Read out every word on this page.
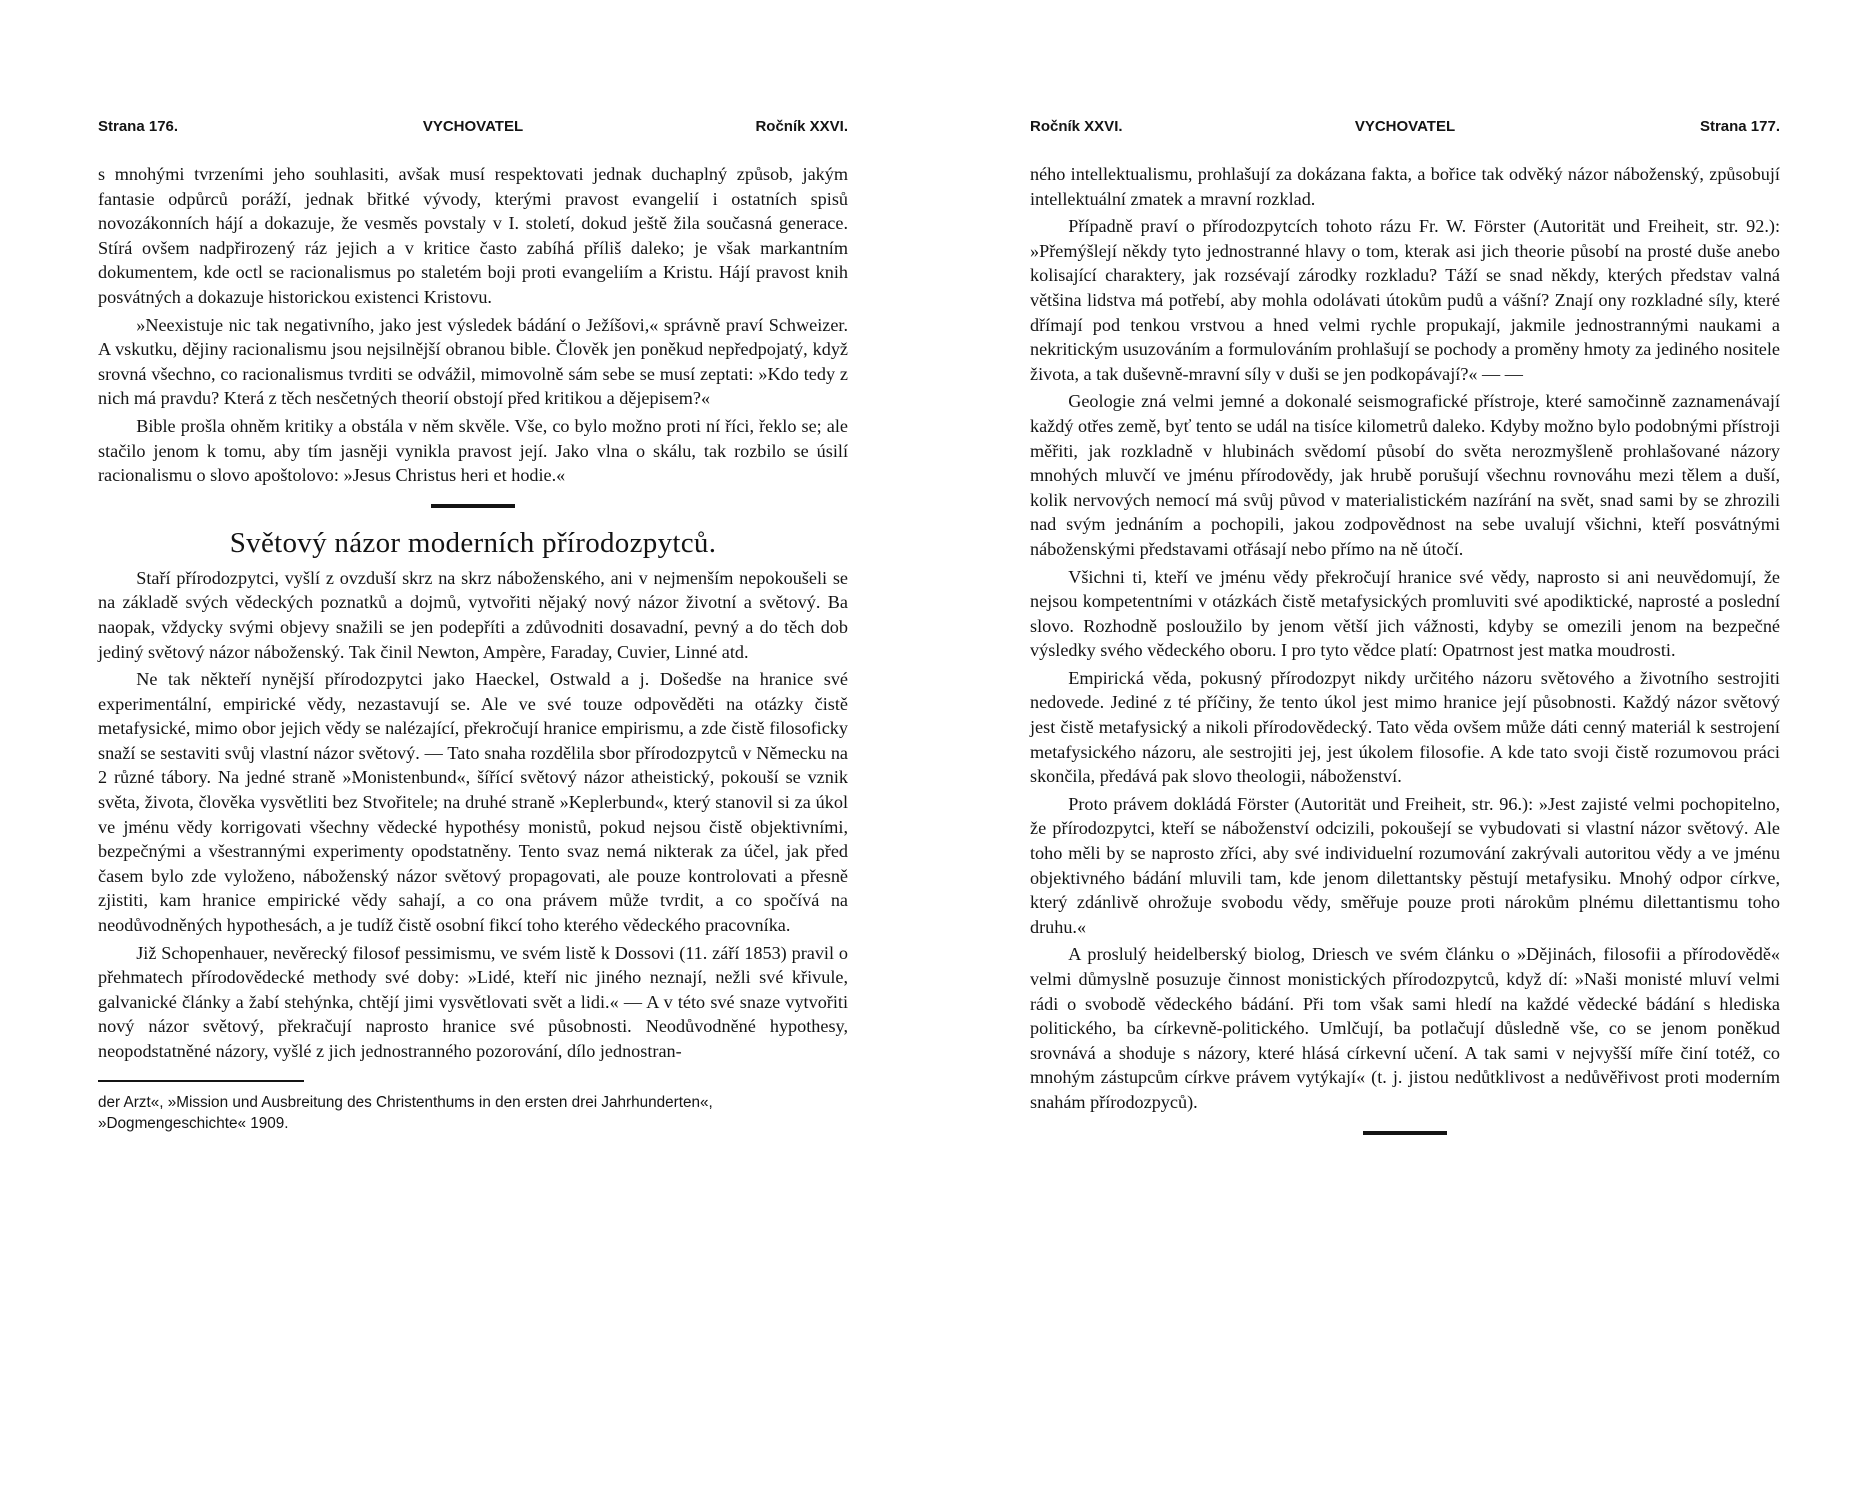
Strana 176.	VYCHOVATEL	Ročník XXVI.

s mnohými tvrzeními jeho souhlasiti, avšak musí respektovati jednak duchaplný způsob, jakým fantasie odpůrců poráží, jednak břitké vývody, kterými pravost evangelií i ostatních spisů novozákonních hájí a dokazuje, že vesměs povstaly v I. století, dokud ještě žila současná generace. Stírá ovšem nadpřirozený ráz jejich a v kritice často zabíhá příliš daleko; je však markantním dokumentem, kde octl se racionalismus po staletém boji proti evangeliím a Kristu. Hájí pravost knih posvátných a dokazuje historickou existenci Kristovu.

»Neexistuje nic tak negativního, jako jest výsledek bádání o Ježíšovi,« správně praví Schweizer. A vskutku, dějiny racionalismu jsou nejsilnější obranou bible. Člověk jen poněkud nepředpojatý, když srovná všechno, co racionalismus tvrditi se odvážil, mimovolně sám sebe se musí zeptati: »Kdo tedy z nich má pravdu? Která z těch nesčetných theorií obstojí před kritikou a dějepisem?«

Bible prošla ohněm kritiky a obstála v něm skvěle. Vše, co bylo možno proti ní říci, řeklo se; ale stačilo jenom k tomu, aby tím jasněji vynikla pravost její. Jako vlna o skálu, tak rozbilo se úsilí racionalismu o slovo apoštolovo: »Jesus Christus heri et hodie.«

Světový názor moderních přírodozpytců.

Staří přírodozpytci, vyšlí z ovzduší skrz na skrz náboženského, ani v nejmenším nepokoušeli se na základě svých vědeckých poznatků a dojmů, vytvořiti nějaký nový názor životní a světový. Ba naopak, vždycky svými objevy snažili se jen podepříti a zdůvodniti dosavadní, pevný a do těch dob jediný světový názor náboženský. Tak činil Newton, Ampère, Faraday, Cuvier, Linné atd.

Ne tak někteří nynější přírodozpytci jako Haeckel, Ostwald a j. Došedše na hranice své experimentální, empirické vědy, nezastavují se. Ale ve své touze odpověděti na otázky čistě metafysické, mimo obor jejich vědy se nalézající, překročují hranice empirismu, a zde čistě filosoficky snaží se sestaviti svůj vlastní názor světový. — Tato snaha rozdělila sbor přírodozpytců v Německu na 2 různé tábory. Na jedné straně »Monistenbund«, šířící světový názor atheistický, pokouší se vznik světa, života, člověka vysvětliti bez Stvořitele; na druhé straně »Keplerbund«, který stanovil si za úkol ve jménu vědy korrigovati všechny vědecké hypothésy monistů, pokud nejsou čistě objektivními, bezpečnými a všestrannými experimenty opodstatněny. Tento svaz nemá nikterak za účel, jak před časem bylo zde vyloženo, náboženský názor světový propagovati, ale pouze kontrolovati a přesně zjistiti, kam hranice empirické vědy sahají, a co ona právem může tvrdit, a co spočívá na neodůvodněných hypothesách, a je tudíž čistě osobní fikcí toho kterého vědeckého pracovníka.

Již Schopenhauer, nevěrecký filosof pessimismu, ve svém listě k Dossovi (11. září 1853) pravil o přehmatech přírodovědecké methody své doby: »Lidé, kteří nic jiného neznají, nežli své křivule, galvanické články a žabí stehýnka, chtějí jimi vysvětlovati svět a lidi.« — A v této své snaze vytvořiti nový názor světový, překračují naprosto hranice své působnosti. Neodůvodněné hypothesy, neopodstatněné názory, vyšlé z jich jednostranného pozorování, dílo jednostran-

der Arzt«, »Mission und Ausbreitung des Christenthums in den ersten drei Jahrhunderten«, »Dogmengeschichte« 1909.
Ročník XXVI.	VYCHOVATEL	Strana 177.

ného intellektualismu, prohlašují za dokázana fakta, a bořice tak odvěký názor náboženský, způsobují intellektuální zmatek a mravní rozklad.

Případně praví o přírodozpytcích tohoto rázu Fr. W. Förster (Autorität und Freiheit, str. 92.): »Přemýšlejí někdy tyto jednostranné hlavy o tom, kterak asi jich theorie působí na prosté duše anebo kolisající charaktery, jak rozsévají zárodky rozkladu? Táží se snad někdy, kterých představ valná většina lidstva má potřebí, aby mohla odolávati útokům pudů a vášní? Znají ony rozkladné síly, které dřímají pod tenkou vrstvou a hned velmi rychle propukají, jakmile jednostrannými naukami a nekritickým usuzováním a formulováním prohlašují se pochody a proměny hmoty za jediného nositele života, a tak duševně-mravní síly v duši se jen podkopávají?« — —

Geologie zná velmi jemné a dokonalé seismografické přístroje, které samočinně zaznamenávají každý otřes země, byť tento se udál na tisíce kilometrů daleko. Kdyby možno bylo podobnými přístroji měřiti, jak rozkladně v hlubinách svědomí působí do světa nerozmyšleně prohlašované názory mnohých mluvčí ve jménu přírodovědy, jak hrubě porušují všechnu rovnováhu mezi tělem a duší, kolik nervových nemocí má svůj původ v materialistickém nazírání na svět, snad sami by se zhrozili nad svým jednáním a pochopili, jakou zodpovědnost na sebe uvalují všichni, kteří posvátnými náboženskými představami otřásají nebo přímo na ně útočí.

Všichni ti, kteří ve jménu vědy překročují hranice své vědy, naprosto si ani neuvědomují, že nejsou kompetentními v otázkách čistě metafysických promluviti své apodiktické, naprosté a poslední slovo. Rozhodně posloužilo by jenom větší jich vážnosti, kdyby se omezili jenom na bezpečné výsledky svého vědeckého oboru. I pro tyto vědce platí: Opatrnost jest matka moudrosti.

Empirická věda, pokusný přírodozpyt nikdy určitého názoru světového a životního sestrojiti nedovede. Jediné z té příčiny, že tento úkol jest mimo hranice její působnosti. Každý názor světový jest čistě metafysický a nikoli přírodovědecký. Tato věda ovšem může dáti cenný materiál k sestrojení metafysického názoru, ale sestrojiti jej, jest úkolem filosofie. A kde tato svoji čistě rozumovou práci skončila, předává pak slovo theologii, náboženství.

Proto právem dokládá Förster (Autorität und Freiheit, str. 96.): »Jest zajisté velmi pochopitelno, že přírodozpytci, kteří se náboženství odcizili, pokoušejí se vybudovati si vlastní názor světový. Ale toho měli by se naprosto zříci, aby své individuelní rozumování zakrývali autoritou vědy a ve jménu objektivného bádání mluvili tam, kde jenom dilettantsky pěstují metafysiku. Mnohý odpor církve, který zdánlivě ohrožuje svobodu vědy, směřuje pouze proti nárokům plnému dilettantismu toho druhu.«

A proslulý heidelberský biolog, Driesch ve svém článku o »Dějinách, filosofii a přírodovědě« velmi důmyslně posuzuje činnost monistických přírodozpytců, když dí: »Naši monisté mluví velmi rádi o svobodě vědeckého bádání. Při tom však sami hledí na každé vědecké bádání s hlediska politického, ba církevně-politického. Umlčují, ba potlačují důsledně vše, co se jenom poněkud srovnává a shoduje s názory, které hlásá církevní učení. A tak sami v nejvyšší míře činí totéž, co mnohým zástupcům církve právem vytýkají« (t. j. jistou nedůtklivost a nedůvěřivost proti moderním snahám přírodozpyců).
